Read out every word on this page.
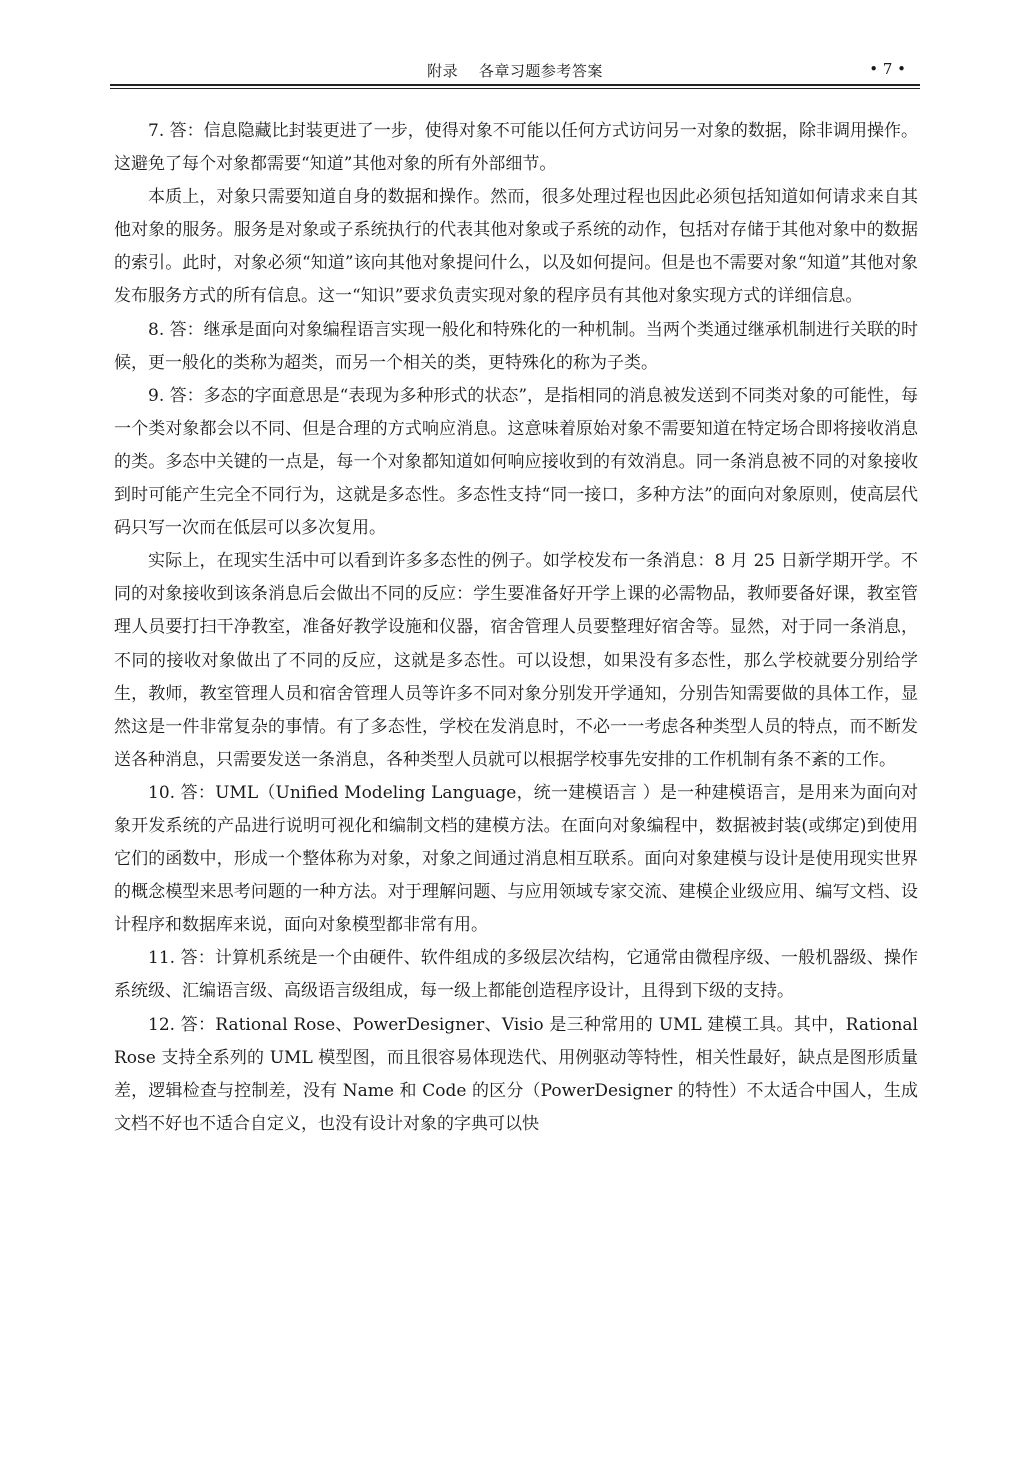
附录　 各章习题参考答案	• 7 •

7. 答：信息隐藏比封装更进了一步，使得对象不可能以任何方式访问另一对象的数据，除非调用操作。这避免了每个对象都需要“知道”其他对象的所有外部细节。

本质上，对象只需要知道自身的数据和操作。然而，很多处理过程也因此必须包括知道如何请求来自其他对象的服务。服务是对象或子系统执行的代表其他对象或子系统的动作，包括对存储于其他对象中的数据的索引。此时，对象必须“知道”该向其他对象提问什么，以及如何提问。但是也不需要对象“知道”其他对象发布服务方式的所有信息。这一“知识”要求负责实现对象的程序员有其他对象实现方式的详细信息。

8. 答：继承是面向对象编程语言实现一般化和特殊化的一种机制。当两个类通过继承机制进行关联的时候，更一般化的类称为超类，而另一个相关的类，更特殊化的称为子类。

9. 答：多态的字面意思是“表现为多种形式的状态”，是指相同的消息被发送到不同类对象的可能性，每一个类对象都会以不同、但是合理的方式响应消息。这意味着原始对象不需要知道在特定场合即将接收消息的类。多态中关键的一点是，每一个对象都知道如何响应接收到的有效消息。同一条消息被不同的对象接收到时可能产生完全不同行为，这就是多态性。多态性支持“同一接口，多种方法”的面向对象原则，使高层代码只写一次而在低层可以多次复用。

实际上，在现实生活中可以看到许多多态性的例子。如学校发布一条消息：8 月 25 日新学期开学。不同的对象接收到该条消息后会做出不同的反应：学生要准备好开学上课的必需物品，教师要备好课，教室管理人员要打扫干净教室，准备好教学设施和仪器，宿舍管理人员要整理好宿舍等。显然，对于同一条消息，不同的接收对象做出了不同的反应，这就是多态性。可以设想，如果没有多态性，那么学校就要分别给学生，教师，教室管理人员和宿舍管理人员等许多不同对象分别发开学通知，分别告知需要做的具体工作，显然这是一件非常复杂的事情。有了多态性，学校在发消息时，不必一一考虑各种类型人员的特点，而不断发送各种消息，只需要发送一条消息，各种类型人员就可以根据学校事先安排的工作机制有条不紊的工作。

10. 答：UML（Unified Modeling Language，统一建模语言 ）是一种建模语言，是用来为面向对象开发系统的产品进行说明可视化和编制文档的建模方法。在面向对象编程中，数据被封装(或绑定)到使用它们的函数中，形成一个整体称为对象，对象之间通过消息相互联系。面向对象建模与设计是使用现实世界的概念模型来思考问题的一种方法。对于理解问题、与应用领域专家交流、建模企业级应用、编写文档、设计程序和数据库来说，面向对象模型都非常有用。

11. 答：计算机系统是一个由硬件、软件组成的多级层次结构，它通常由微程序级、一般机器级、操作系统级、汇编语言级、高级语言级组成，每一级上都能创造程序设计，且得到下级的支持。

12. 答：Rational Rose、PowerDesigner、Visio 是三种常用的 UML 建模工具。其中，Rational Rose 支持全系列的 UML 模型图，而且很容易体现迭代、用例驱动等特性，相关性最好，缺点是图形质量差，逻辑检查与控制差，没有 Name 和 Code 的区分（PowerDesigner 的特性）不太适合中国人，生成文档不好也不适合自定义，也没有设计对象的字典可以快
